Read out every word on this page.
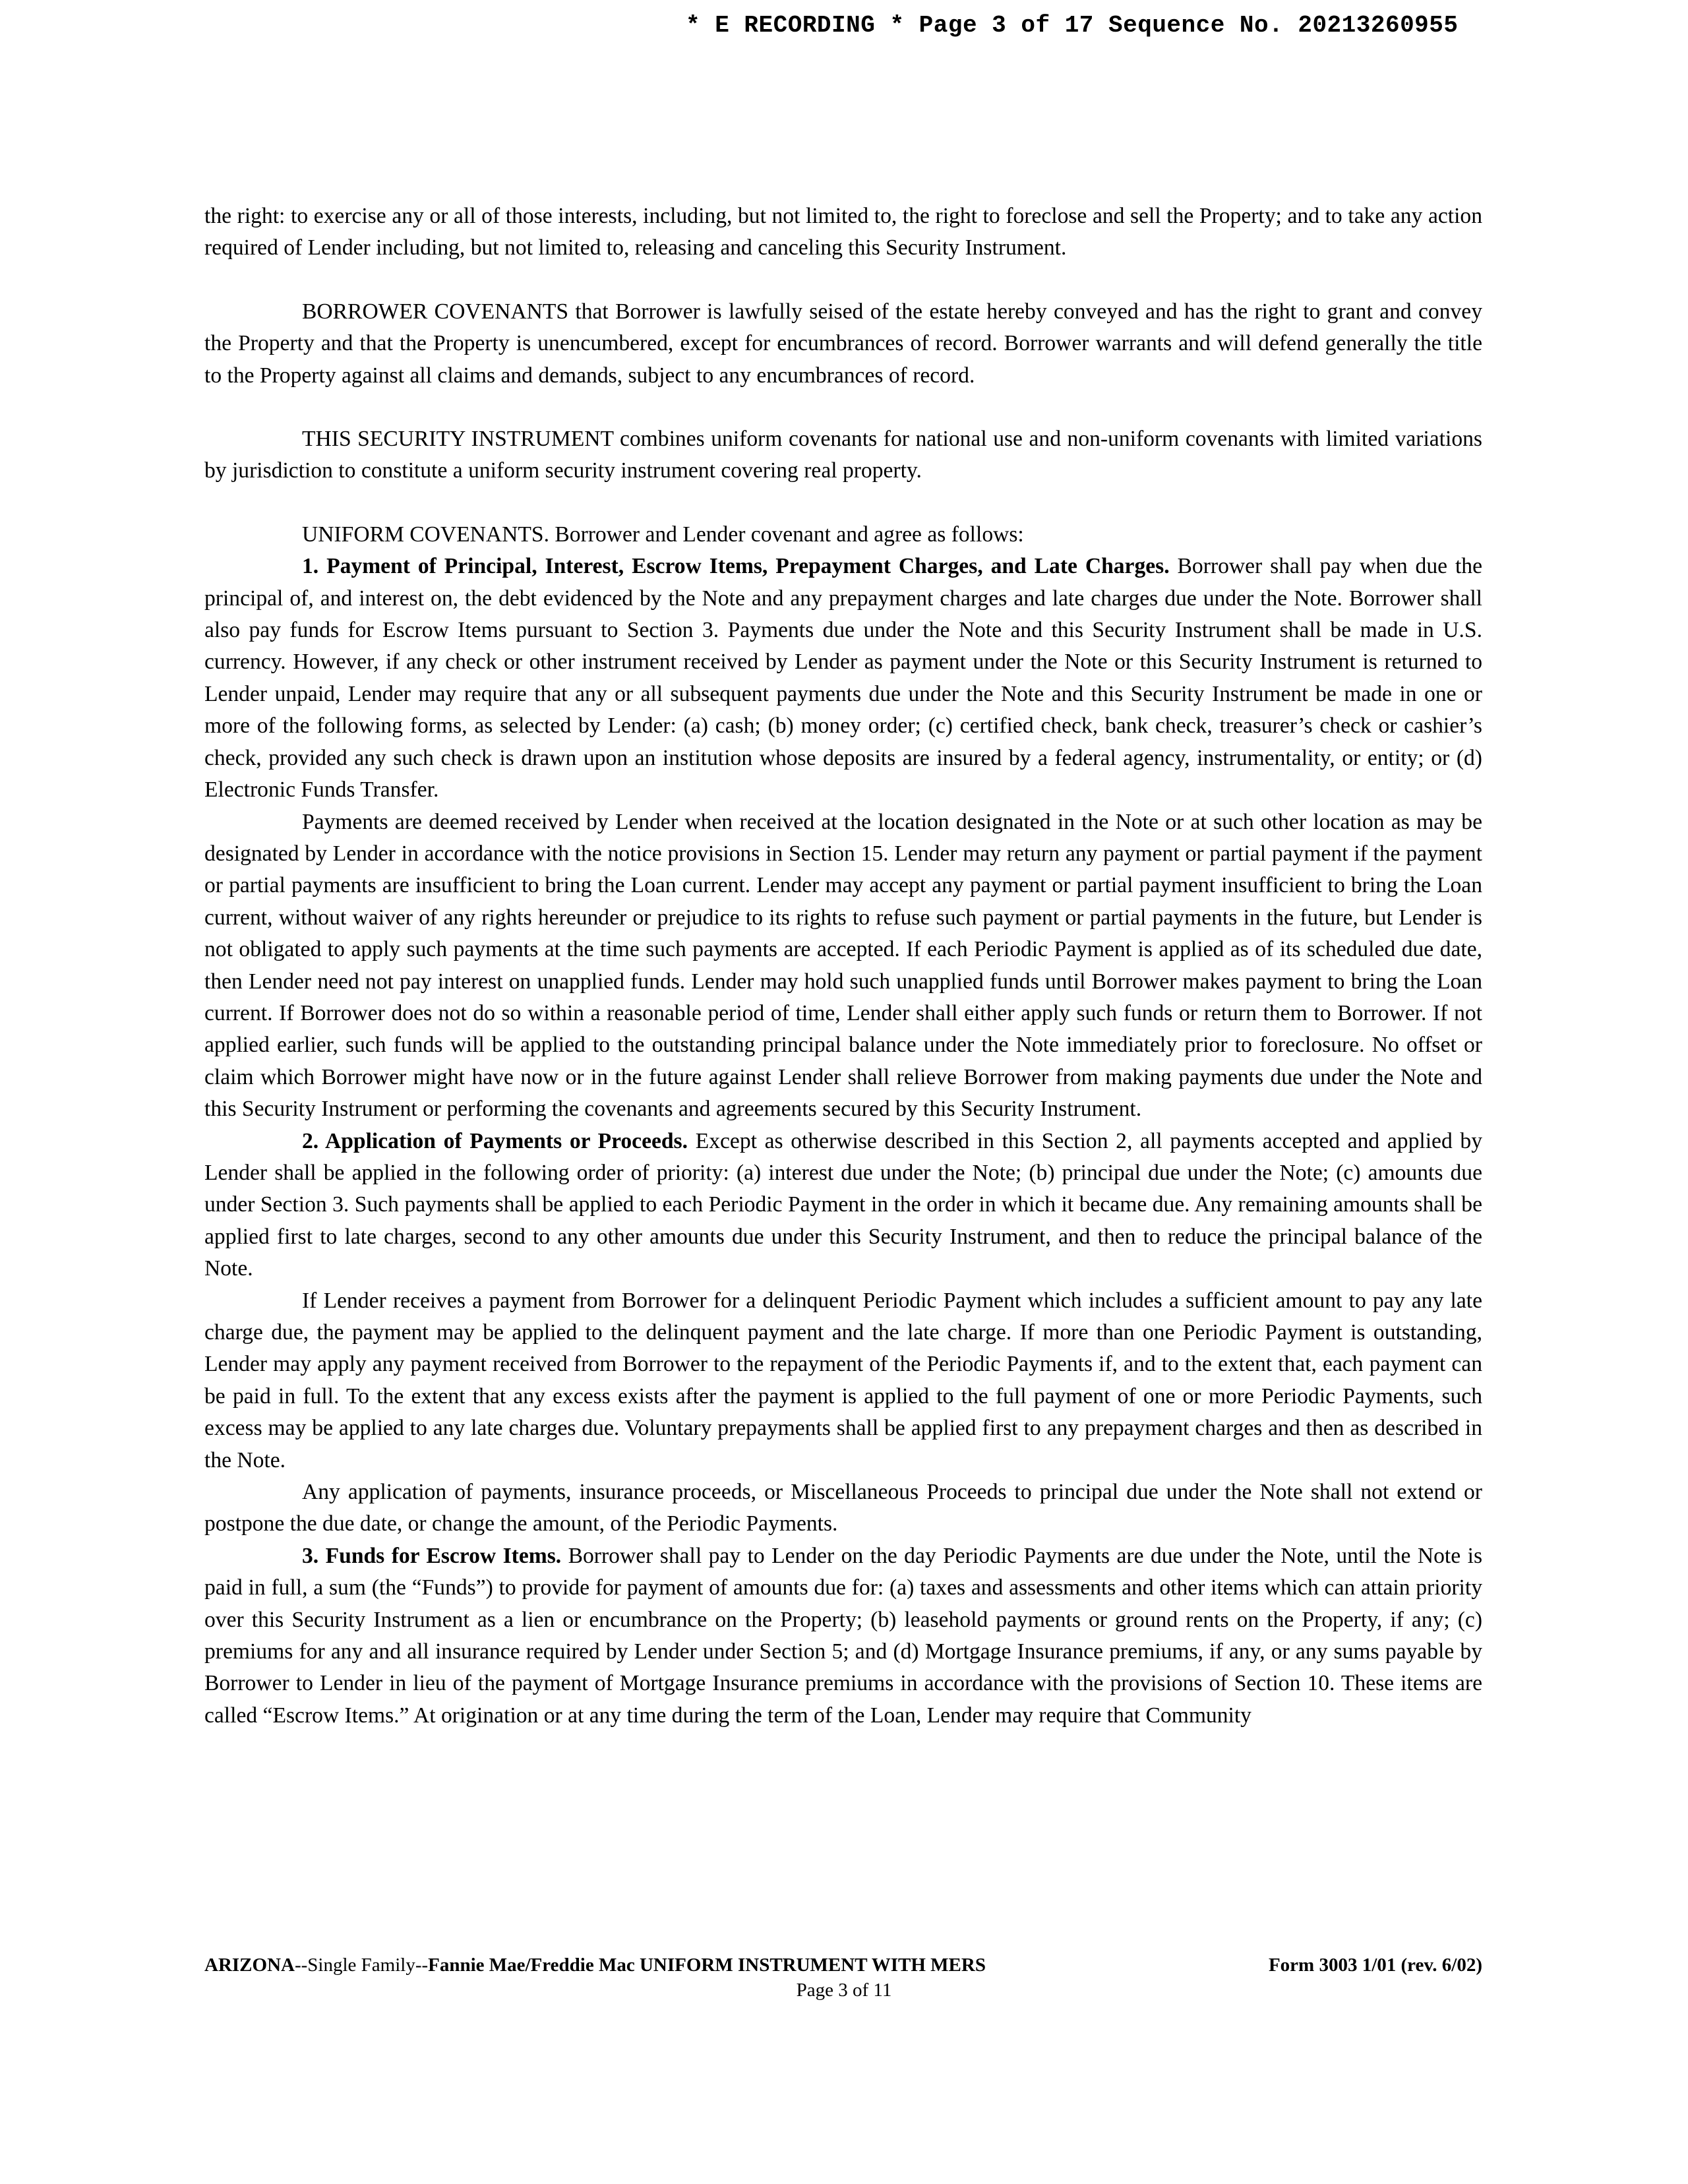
* E RECORDING * Page 3 of 17 Sequence No. 20213260955

the right: to exercise any or all of those interests, including, but not limited to, the right to foreclose and sell the Property; and to take any action required of Lender including, but not limited to, releasing and canceling this Security Instrument.

BORROWER COVENANTS that Borrower is lawfully seised of the estate hereby conveyed and has the right to grant and convey the Property and that the Property is unencumbered, except for encumbrances of record. Borrower warrants and will defend generally the title to the Property against all claims and demands, subject to any encumbrances of record.

THIS SECURITY INSTRUMENT combines uniform covenants for national use and non-uniform covenants with limited variations by jurisdiction to constitute a uniform security instrument covering real property.

UNIFORM COVENANTS. Borrower and Lender covenant and agree as follows:

1. Payment of Principal, Interest, Escrow Items, Prepayment Charges, and Late Charges. Borrower shall pay when due the principal of, and interest on, the debt evidenced by the Note and any prepayment charges and late charges due under the Note. Borrower shall also pay funds for Escrow Items pursuant to Section 3. Payments due under the Note and this Security Instrument shall be made in U.S. currency. However, if any check or other instrument received by Lender as payment under the Note or this Security Instrument is returned to Lender unpaid, Lender may require that any or all subsequent payments due under the Note and this Security Instrument be made in one or more of the following forms, as selected by Lender: (a) cash; (b) money order; (c) certified check, bank check, treasurer’s check or cashier’s check, provided any such check is drawn upon an institution whose deposits are insured by a federal agency, instrumentality, or entity; or (d) Electronic Funds Transfer.

Payments are deemed received by Lender when received at the location designated in the Note or at such other location as may be designated by Lender in accordance with the notice provisions in Section 15. Lender may return any payment or partial payment if the payment or partial payments are insufficient to bring the Loan current. Lender may accept any payment or partial payment insufficient to bring the Loan current, without waiver of any rights hereunder or prejudice to its rights to refuse such payment or partial payments in the future, but Lender is not obligated to apply such payments at the time such payments are accepted. If each Periodic Payment is applied as of its scheduled due date, then Lender need not pay interest on unapplied funds. Lender may hold such unapplied funds until Borrower makes payment to bring the Loan current. If Borrower does not do so within a reasonable period of time, Lender shall either apply such funds or return them to Borrower. If not applied earlier, such funds will be applied to the outstanding principal balance under the Note immediately prior to foreclosure. No offset or claim which Borrower might have now or in the future against Lender shall relieve Borrower from making payments due under the Note and this Security Instrument or performing the covenants and agreements secured by this Security Instrument.

2. Application of Payments or Proceeds. Except as otherwise described in this Section 2, all payments accepted and applied by Lender shall be applied in the following order of priority: (a) interest due under the Note; (b) principal due under the Note; (c) amounts due under Section 3. Such payments shall be applied to each Periodic Payment in the order in which it became due. Any remaining amounts shall be applied first to late charges, second to any other amounts due under this Security Instrument, and then to reduce the principal balance of the Note.

If Lender receives a payment from Borrower for a delinquent Periodic Payment which includes a sufficient amount to pay any late charge due, the payment may be applied to the delinquent payment and the late charge. If more than one Periodic Payment is outstanding, Lender may apply any payment received from Borrower to the repayment of the Periodic Payments if, and to the extent that, each payment can be paid in full. To the extent that any excess exists after the payment is applied to the full payment of one or more Periodic Payments, such excess may be applied to any late charges due. Voluntary prepayments shall be applied first to any prepayment charges and then as described in the Note.

Any application of payments, insurance proceeds, or Miscellaneous Proceeds to principal due under the Note shall not extend or postpone the due date, or change the amount, of the Periodic Payments.

3. Funds for Escrow Items. Borrower shall pay to Lender on the day Periodic Payments are due under the Note, until the Note is paid in full, a sum (the “Funds”) to provide for payment of amounts due for: (a) taxes and assessments and other items which can attain priority over this Security Instrument as a lien or encumbrance on the Property; (b) leasehold payments or ground rents on the Property, if any; (c) premiums for any and all insurance required by Lender under Section 5; and (d) Mortgage Insurance premiums, if any, or any sums payable by Borrower to Lender in lieu of the payment of Mortgage Insurance premiums in accordance with the provisions of Section 10. These items are called “Escrow Items.” At origination or at any time during the term of the Loan, Lender may require that Community

ARIZONA--Single Family--Fannie Mae/Freddie Mac UNIFORM INSTRUMENT WITH MERS	Form 3003 1/01 (rev. 6/02)
Page 3 of 11
